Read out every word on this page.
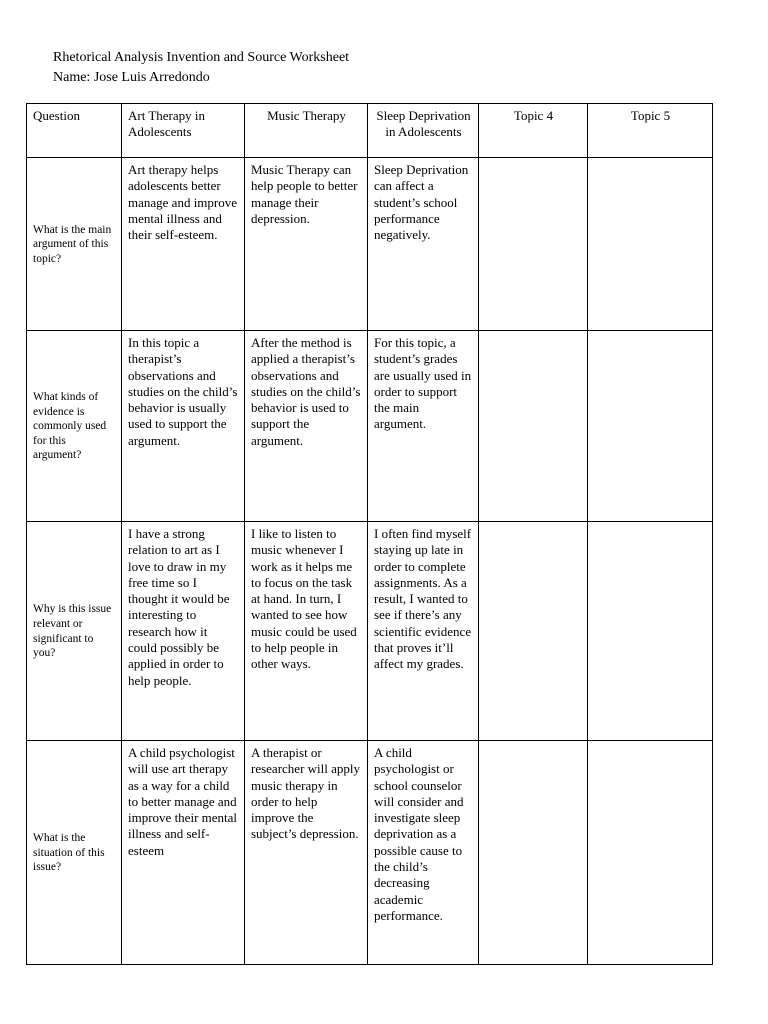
Rhetorical Analysis Invention and Source Worksheet
Name: Jose Luis Arredondo
Question	Art Therapy in Adolescents	Music Therapy	Sleep Deprivation in Adolescents	Topic 4	Topic 5
What is the main argument of this topic?	Art therapy helps adolescents better manage and improve mental illness and their self-esteem.	Music Therapy can help people to better manage their depression.	Sleep Deprivation can affect a student’s school performance negatively.		
What kinds of evidence is commonly used for this argument?	In this topic a therapist’s observations and studies on the child’s behavior is usually used to support the argument.	After the method is applied a therapist’s observations and studies on the child’s behavior is used to support the argument.	For this topic, a student’s grades are usually used in order to support the main argument.		
Why is this issue relevant or significant to you?	I have a strong relation to art as I love to draw in my free time so I thought it would be interesting to research how it could possibly be applied in order to help people.	I like to listen to music whenever I work as it helps me to focus on the task at hand. In turn, I wanted to see how music could be used to help people in other ways.	I often find myself staying up late in order to complete assignments. As a result, I wanted to see if there’s any scientific evidence that proves it’ll affect my grades.		
What is the situation of this issue?	A child psychologist will use art therapy as a way for a child to better manage and improve their mental illness and self-esteem	A therapist or researcher will apply music therapy in order to help improve the subject’s depression.	A child psychologist or school counselor will consider and investigate sleep deprivation as a possible cause to the child’s decreasing academic performance.		
